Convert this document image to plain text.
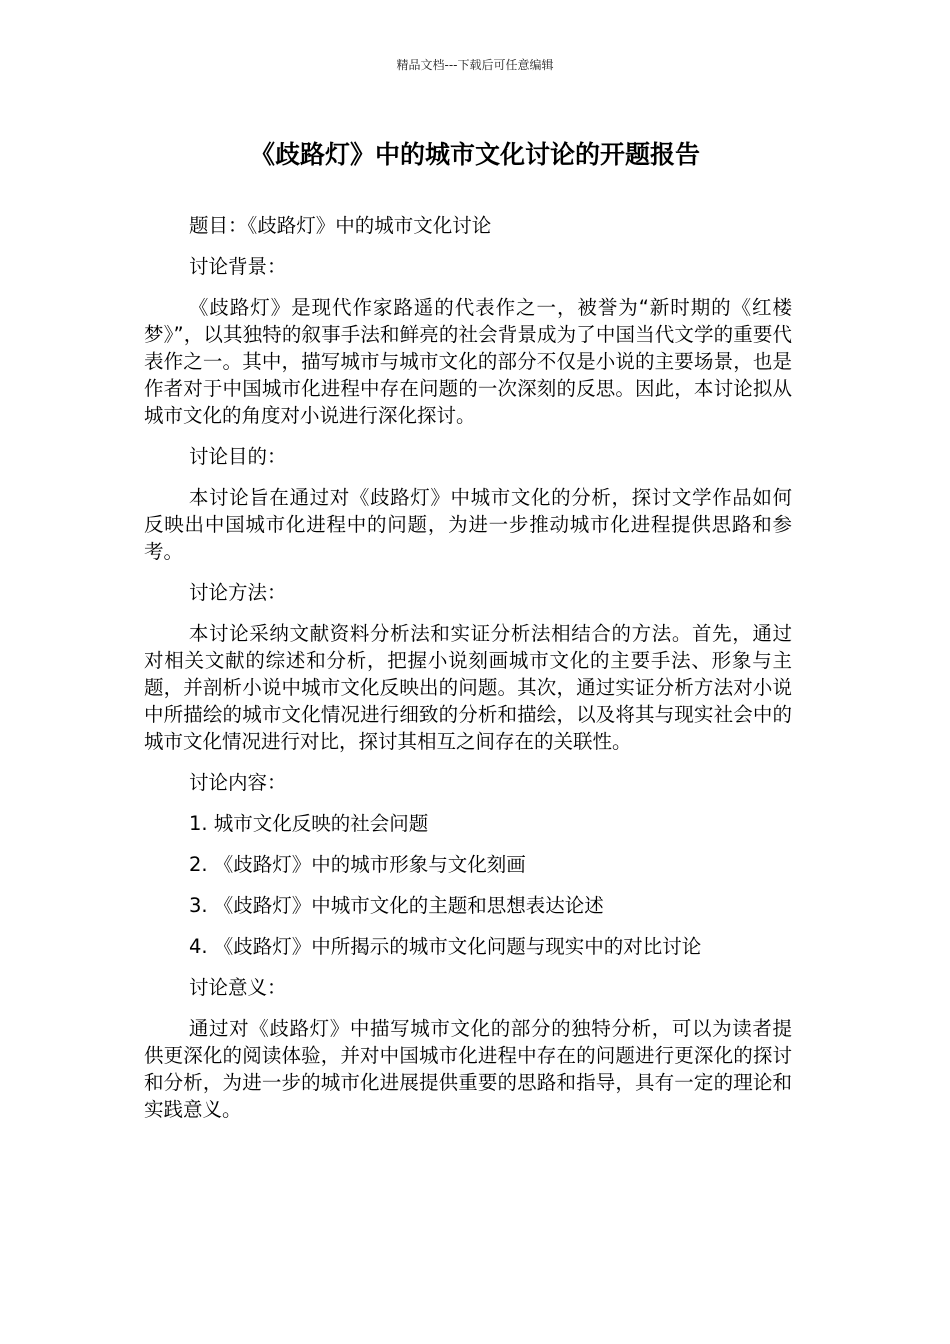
精品文档---下载后可任意编辑
《歧路灯》中的城市文化讨论的开题报告
题目：《歧路灯》中的城市文化讨论
讨论背景：
《歧路灯》是现代作家路遥的代表作之一，被誉为“新时期的《红楼梦》”，以其独特的叙事手法和鲜亮的社会背景成为了中国当代文学的重要代表作之一。其中，描写城市与城市文化的部分不仅是小说的主要场景，也是作者对于中国城市化进程中存在问题的一次深刻的反思。因此，本讨论拟从城市文化的角度对小说进行深化探讨。
讨论目的：
本讨论旨在通过对《歧路灯》中城市文化的分析，探讨文学作品如何反映出中国城市化进程中的问题，为进一步推动城市化进程提供思路和参考。
讨论方法：
本讨论采纳文献资料分析法和实证分析法相结合的方法。首先，通过对相关文献的综述和分析，把握小说刻画城市文化的主要手法、形象与主题，并剖析小说中城市文化反映出的问题。其次，通过实证分析方法对小说中所描绘的城市文化情况进行细致的分析和描绘，以及将其与现实社会中的城市文化情况进行对比，探讨其相互之间存在的关联性。
讨论内容：
1. 城市文化反映的社会问题
2. 《歧路灯》中的城市形象与文化刻画
3. 《歧路灯》中城市文化的主题和思想表达论述
4. 《歧路灯》中所揭示的城市文化问题与现实中的对比讨论
讨论意义：
通过对《歧路灯》中描写城市文化的部分的独特分析，可以为读者提供更深化的阅读体验，并对中国城市化进程中存在的问题进行更深化的探讨和分析，为进一步的城市化进展提供重要的思路和指导，具有一定的理论和实践意义。
